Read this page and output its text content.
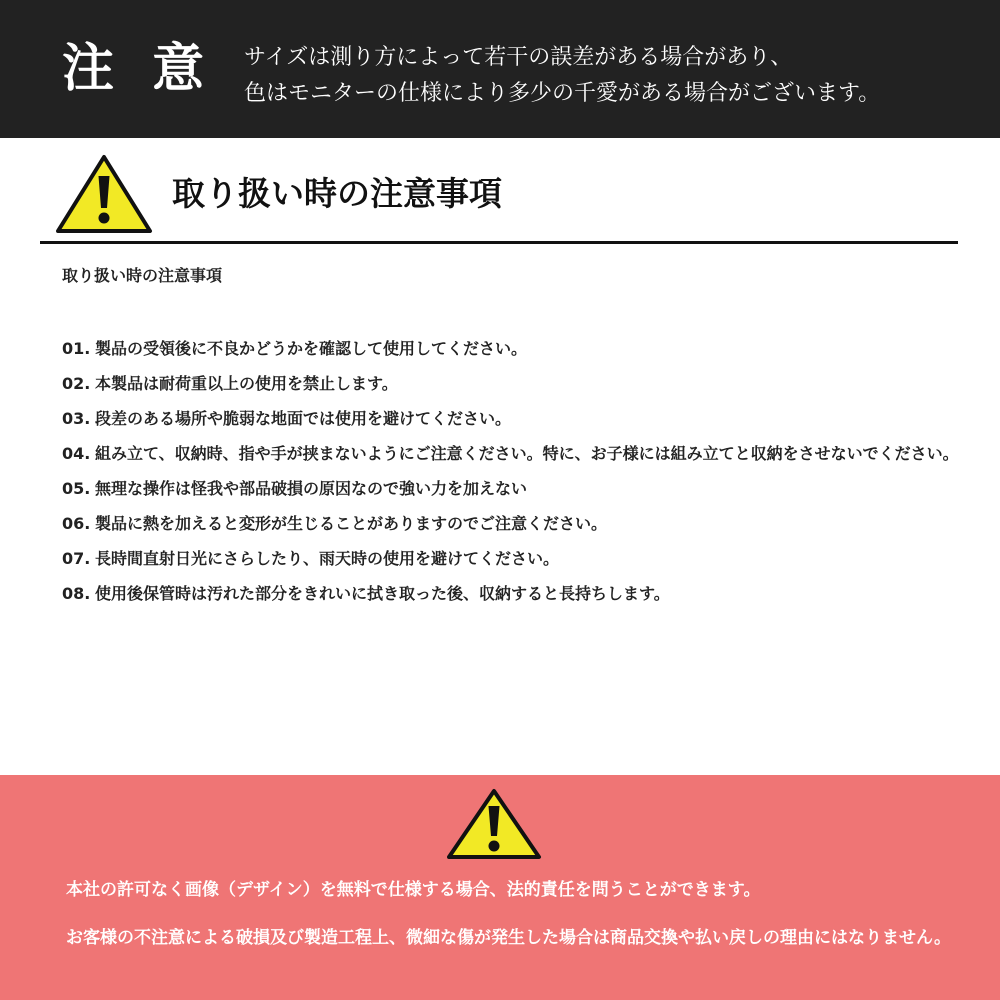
注 意 サイズは測り方によって若干の誤差がある場合があり、
色はモニターの仕様により多少の千愛がある場合がございます。
取り扱い時の注意事項
取り扱い時の注意事項
01. 製品の受領後に不良かどうかを確認して使用してください。
02. 本製品は耐荷重以上の使用を禁止します。
03. 段差のある場所や脆弱な地面では使用を避けてください。
04. 組み立て、収納時、指や手が挟まないようにご注意ください。特に、お子様には組み立てと収納をさせないでください。
05. 無理な操作は怪我や部品破損の原因なので強い力を加えない
06. 製品に熱を加えると変形が生じることがありますのでご注意ください。
07. 長時間直射日光にさらしたり、雨天時の使用を避けてください。
08. 使用後保管時は汚れた部分をきれいに拭き取った後、収納すると長持ちします。
本社の許可なく画像（デザイン）を無料で仕様する場合、法的責任を問うことができます。
お客様の不注意による破損及び製造工程上、微細な傷が発生した場合は商品交換や払い戻しの理由にはなりません。
